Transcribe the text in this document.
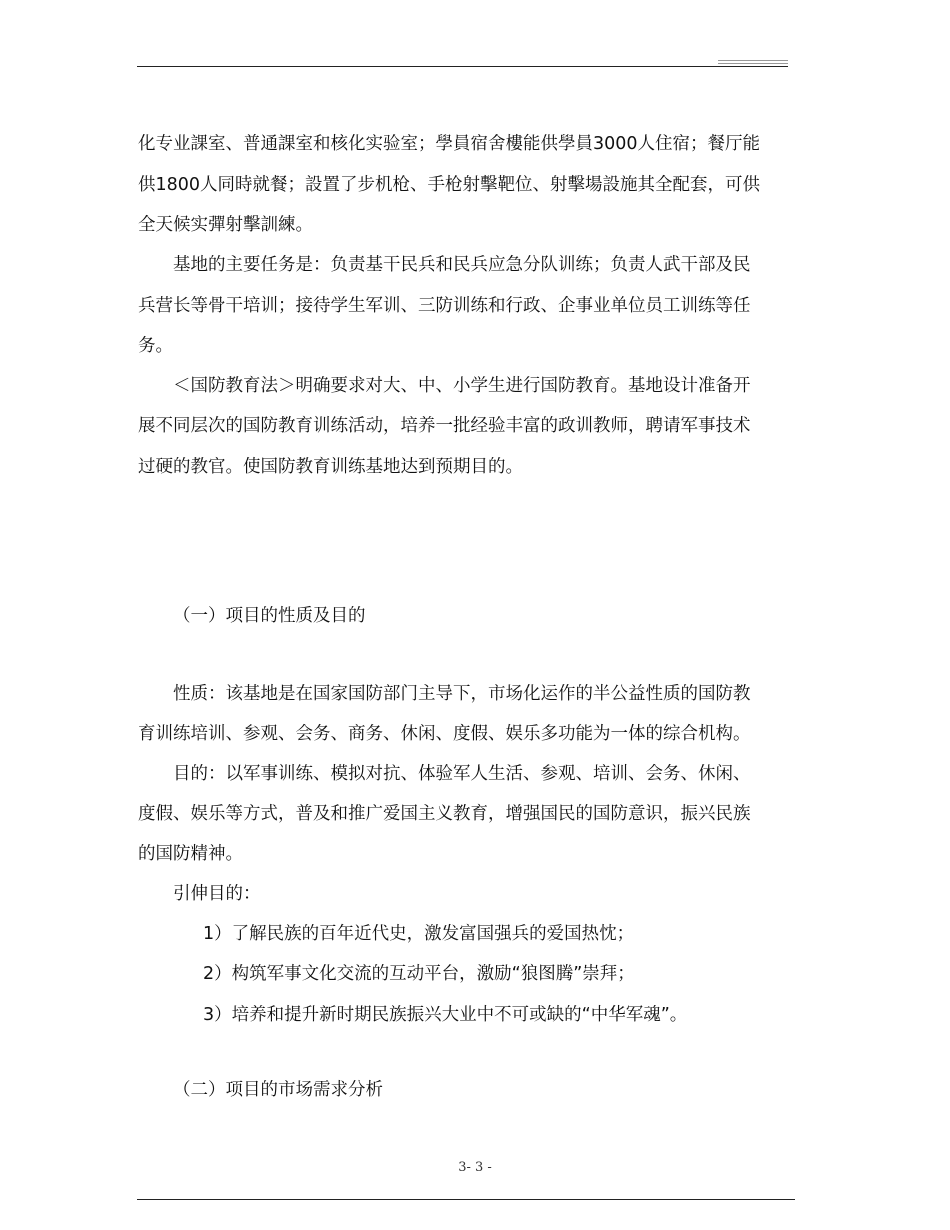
化专业課室、普通課室和核化实验室；學員宿舍樓能供學員3000人住宿；餐厅能
供1800人同時就餐；設置了步机枪、手枪射擊靶位、射擊場設施其全配套，可供
全天候实彈射擊訓練。
基地的主要任务是：负责基干民兵和民兵应急分队训练；负责人武干部及民
兵营长等骨干培训；接待学生军训、三防训练和行政、企事业单位员工训练等任
务。
＜国防教育法＞明确要求对大、中、小学生进行国防教育。基地设计准备开
展不同层次的国防教育训练活动，培养一批经验丰富的政训教师，聘请军事技术
过硬的教官。使国防教育训练基地达到预期目的。
（一）项目的性质及目的
性质：该基地是在国家国防部门主导下，市场化运作的半公益性质的国防教
育训练培训、参观、会务、商务、休闲、度假、娱乐多功能为一体的综合机构。
目的：以军事训练、模拟对抗、体验军人生活、参观、培训、会务、休闲、
度假、娱乐等方式，普及和推广爱国主义教育，增强国民的国防意识，振兴民族
的国防精神。
引伸目的：
1）了解民族的百年近代史，激发富国强兵的爱国热忱；
2）构筑军事文化交流的互动平台，激励“狼图腾”崇拜；
3）培养和提升新时期民族振兴大业中不可或缺的“中华军魂”。
（二）项目的市场需求分析
3- 3 -
